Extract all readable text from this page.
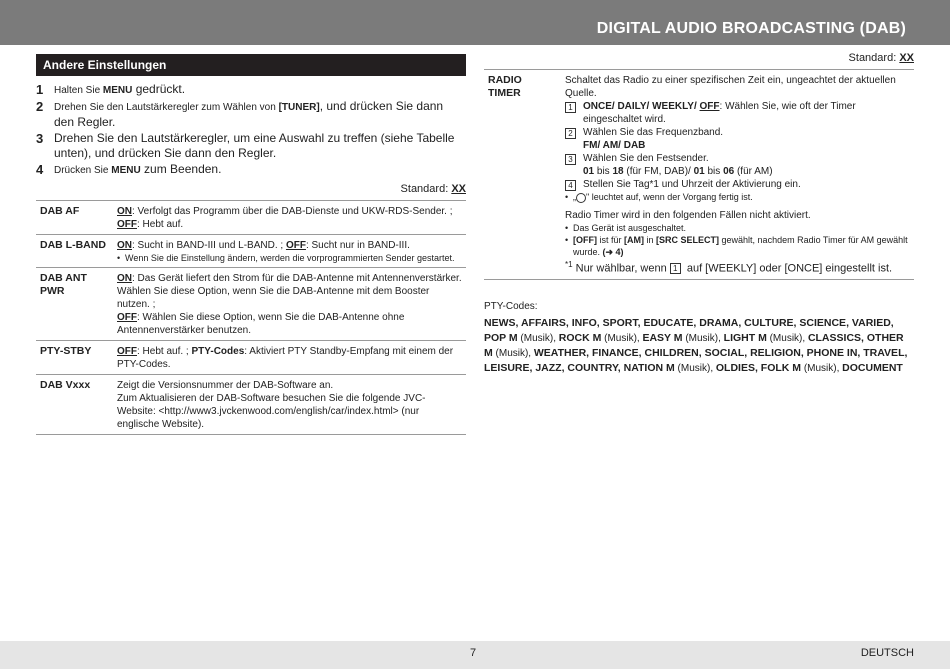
DIGITAL AUDIO BROADCASTING (DAB)
Andere Einstellungen
1 Halten Sie MENU gedrückt.
2 Drehen Sie den Lautstärkeregler zum Wählen von [TUNER], und drücken Sie dann den Regler.
3 Drehen Sie den Lautstärkeregler, um eine Auswahl zu treffen (siehe Tabelle unten), und drücken Sie dann den Regler.
4 Drücken Sie MENU zum Beenden.
Standard: XX
DAB AF	ON: Verfolgt das Programm über die DAB-Dienste und UKW-RDS-Sender. ;
OFF: Hebt auf.
DAB L-BAND	ON: Sucht in BAND-III und L-BAND. ; OFF: Sucht nur in BAND-III.
• Wenn Sie die Einstellung ändern, werden die vorprogrammierten Sender gestartet.

DAB ANT PWR	ON: Das Gerät liefert den Strom für die DAB-Antenne mit Antennenverstärker. Wählen Sie diese Option, wenn Sie die DAB-Antenne mit dem Booster nutzen. ;
OFF: Wählen Sie diese Option, wenn Sie die DAB-Antenne ohne Antennenverstärker benutzen.
PTY-STBY	OFF: Hebt auf. ; PTY-Codes: Aktiviert PTY Standby-Empfang mit einem der PTY-Codes.
DAB Vxxx	Zeigt die Versionsnummer der DAB-Software an.
Zum Aktualisieren der DAB-Software besuchen Sie die folgende JVC-Website: <http://www3.jvckenwood.com/english/car/index.html> (nur englische Website).
Standard: XX
RADIO TIMER	
Schaltet das Radio zu einer spezifischen Zeit ein, ungeachtet der aktuellen Quelle.
1	ONCE/ DAILY/ WEEKLY/ OFF: Wählen Sie, wie oft der Timer eingeschaltet wird.
2	Wählen Sie das Frequenzband.
FM/ AM/ DAB
3	Wählen Sie den Festsender.
01 bis 18 (für FM, DAB)/ 01 bis 06 (für AM)
4	Stellen Sie Tag*1 und Uhrzeit der Aktivierung ein.
• „ " leuchtet auf, wenn der Vorgang fertig ist.
Radio Timer wird in den folgenden Fällen nicht aktiviert.
• Das Gerät ist ausgeschaltet.
• [OFF] ist für [AM] in [SRC SELECT] gewählt, nachdem Radio Timer für AM gewählt wurde. (➜ 4)
$^{*1}$ Nur wählbar, wenn 1 auf [WEEKLY] oder [ONCE] eingestellt ist.
PTY-Codes:
NEWS, AFFAIRS, INFO, SPORT, EDUCATE, DRAMA, CULTURE, SCIENCE, VARIED, POP M (Musik), ROCK M (Musik), EASY M (Musik), LIGHT M (Musik), CLASSICS, OTHER M (Musik), WEATHER, FINANCE, CHILDREN, SOCIAL, RELIGION, PHONE IN, TRAVEL, LEISURE, JAZZ, COUNTRY, NATION M (Musik), OLDIES, FOLK M (Musik), DOCUMENT
7	DEUTSCH
